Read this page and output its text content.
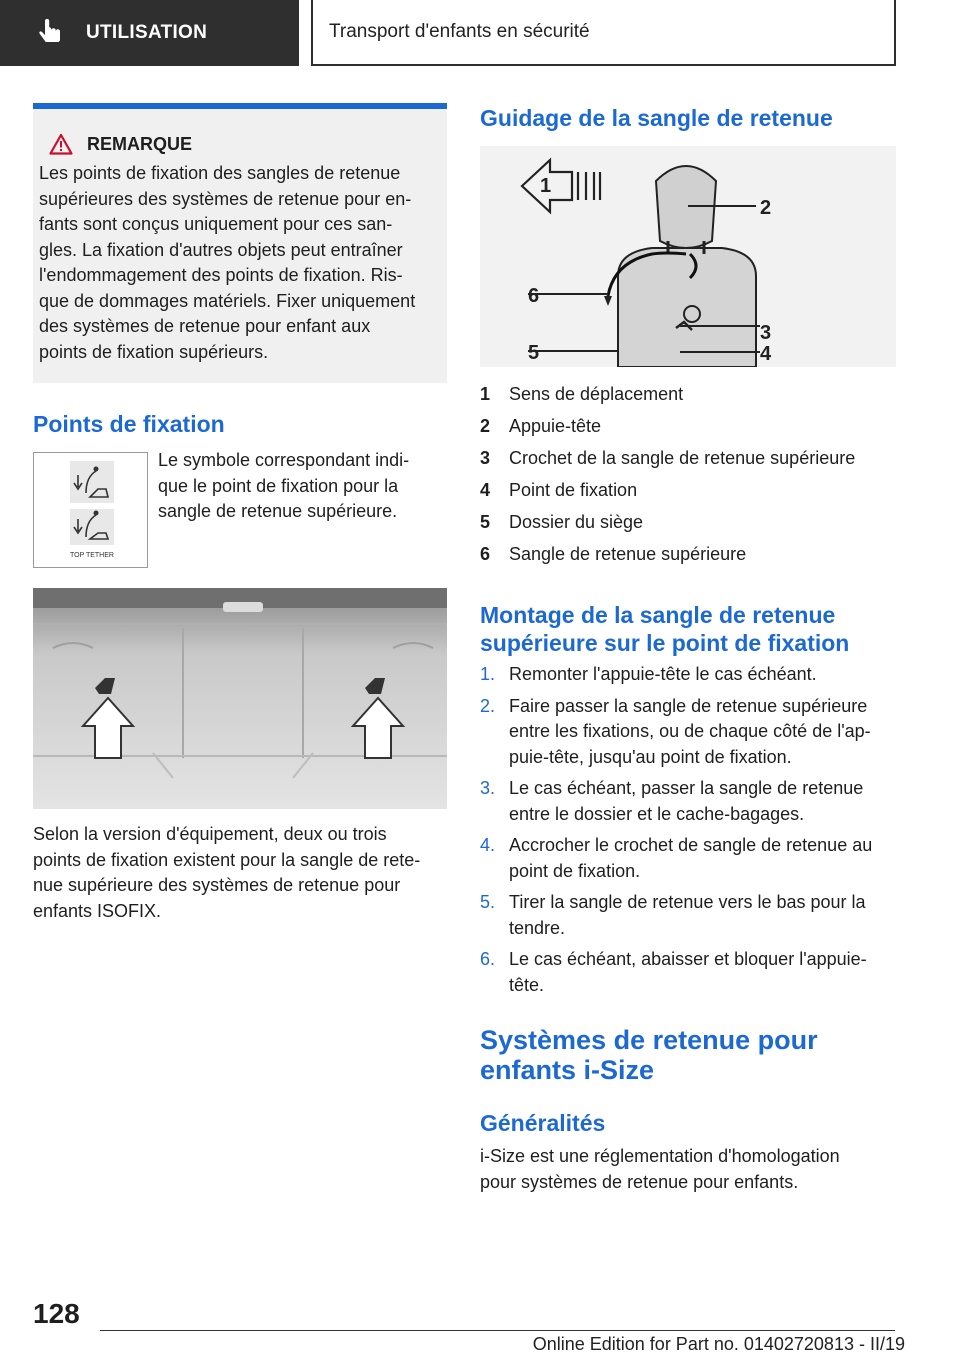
UTILISATION	Transport d'enfants en sécurité
REMARQUE
Les points de fixation des sangles de retenue
supérieures des systèmes de retenue pour en‐
fants sont conçus uniquement pour ces san‐
gles. La fixation d'autres objets peut entraîner
l'endommagement des points de fixation. Ris‐
que de dommages matériels. Fixer uniquement
des systèmes de retenue pour enfant aux
points de fixation supérieurs.
Points de fixation
TOP TETHER
Le symbole correspondant indi‐
que le point de fixation pour la
sangle de retenue supérieure.
Selon la version d'équipement, deux ou trois
points de fixation existent pour la sangle de rete‐
nue supérieure des systèmes de retenue pour
enfants ISOFIX.
Guidage de la sangle de retenue
1
2
3
4
5
6
1	Sens de déplacement
2	Appuie-tête
3	Crochet de la sangle de retenue supérieure
4	Point de fixation
5	Dossier du siège
6	Sangle de retenue supérieure
Montage de la sangle de retenue
supérieure sur le point de fixation
1. Remonter l'appuie-tête le cas échéant.
2. Faire passer la sangle de retenue supérieure
entre les fixations, ou de chaque côté de l'ap‐
puie-tête, jusqu'au point de fixation.
3. Le cas échéant, passer la sangle de retenue
entre le dossier et le cache-bagages.
4. Accrocher le crochet de sangle de retenue au
point de fixation.
5. Tirer la sangle de retenue vers le bas pour la
tendre.
6. Le cas échéant, abaisser et bloquer l'appuie-
tête.
Systèmes de retenue pour
enfants i-Size
Généralités
i-Size est une réglementation d'homologation
pour systèmes de retenue pour enfants.
128
Online Edition for Part no. 01402720813 - II/19
